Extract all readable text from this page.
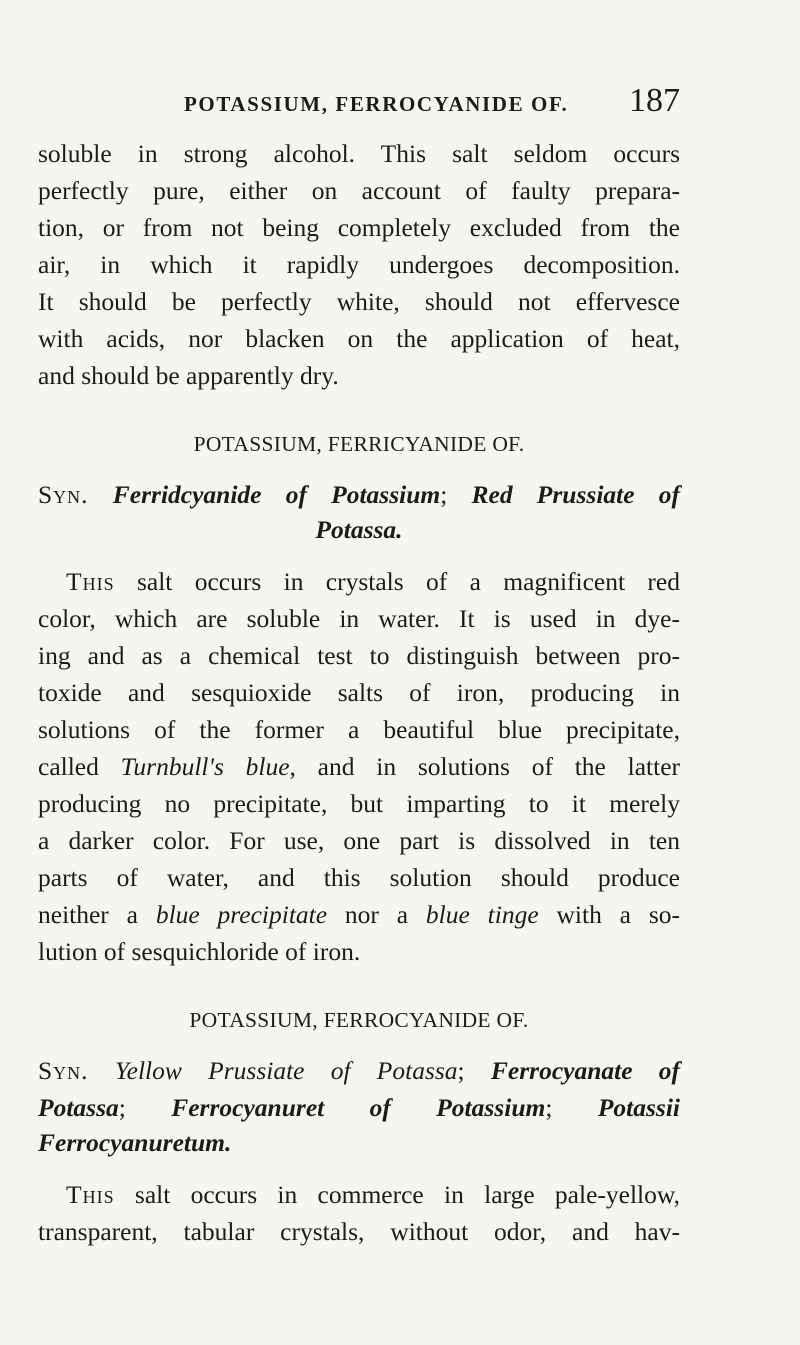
POTASSIUM, FERROCYANIDE OF. 187
soluble in strong alcohol. This salt seldom occurs
perfectly pure, either on account of faulty prepara-
tion, or from not being completely excluded from the
air, in which it rapidly undergoes decomposition.
It should be perfectly white, should not effervesce
with acids, nor blacken on the application of heat,
and should be apparently dry.
POTASSIUM, FERRICYANIDE OF.
Syn. Ferridcyanide of Potassium; Red Prussiate of
Potassa.
This salt occurs in crystals of a magnificent red
color, which are soluble in water. It is used in dye-
ing and as a chemical test to distinguish between pro-
toxide and sesquioxide salts of iron, producing in
solutions of the former a beautiful blue precipitate,
called Turnbull's blue, and in solutions of the latter
producing no precipitate, but imparting to it merely
a darker color. For use, one part is dissolved in ten
parts of water, and this solution should produce
neither a blue precipitate nor a blue tinge with a so-
lution of sesquichloride of iron.
POTASSIUM, FERROCYANIDE OF.
Syn. Yellow Prussiate of Potassa; Ferrocyanate of
Potassa; Ferrocyanuret of Potassium; Potassii
Ferrocyanuretum.
This salt occurs in commerce in large pale-yellow,
transparent, tabular crystals, without odor, and hav-
